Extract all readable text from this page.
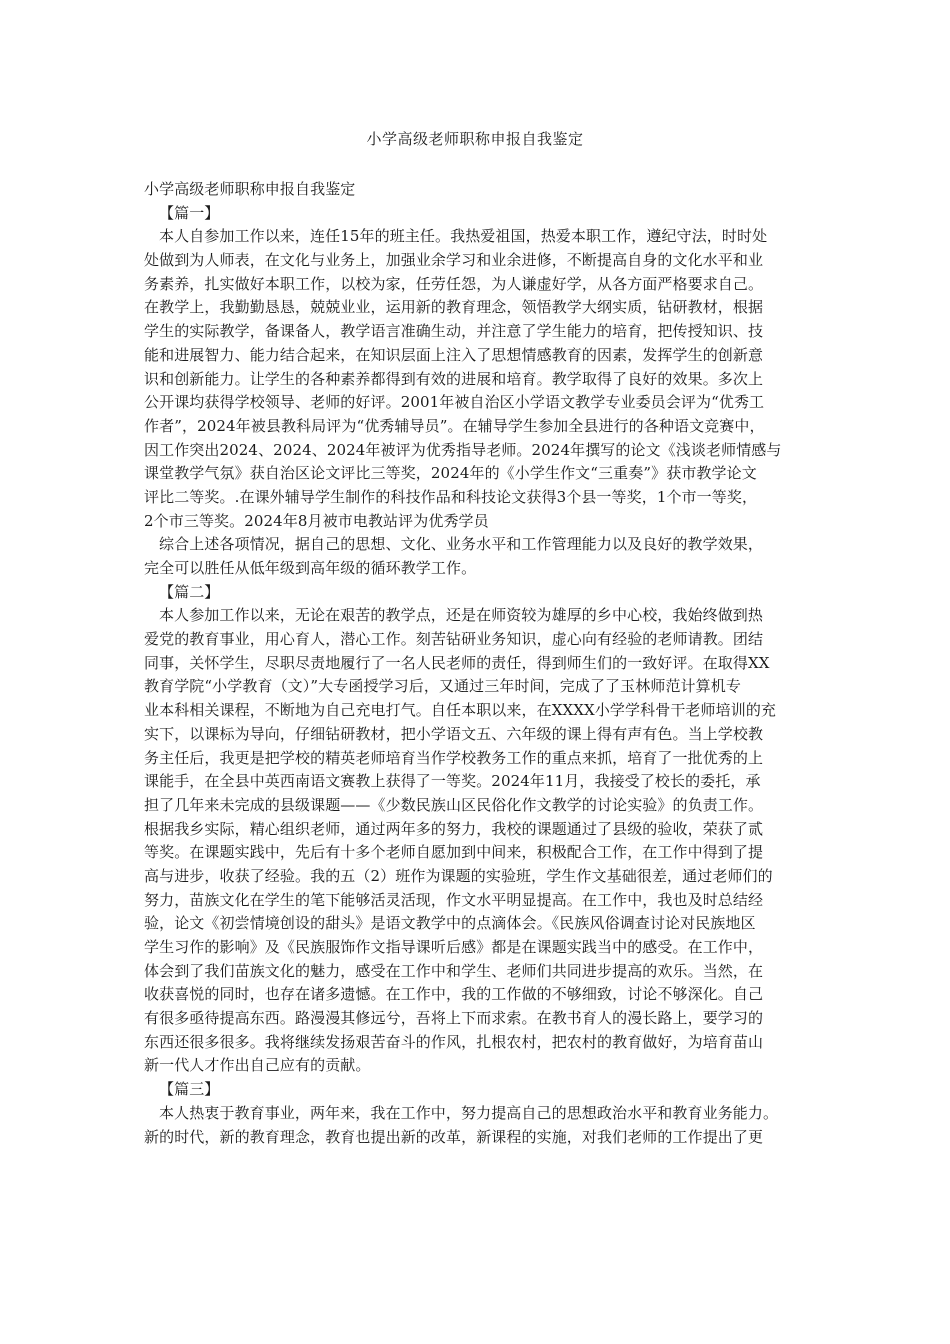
小学高级老师职称申报自我鉴定
小学高级老师职称申报自我鉴定
【篇一】
本人自参加工作以来，连任15年的班主任。我热爱祖国，热爱本职工作，遵纪守法，时时处
处做到为人师表，在文化与业务上，加强业余学习和业余进修，不断提高自身的文化水平和业
务素养，扎实做好本职工作，以校为家，任劳任怨，为人谦虚好学，从各方面严格要求自己。
在教学上，我勤勤恳恳，兢兢业业，运用新的教育理念，领悟教学大纲实质，钻研教材，根据
学生的实际教学，备课备人，教学语言准确生动，并注意了学生能力的培育，把传授知识、技
能和进展智力、能力结合起来，在知识层面上注入了思想情感教育的因素，发挥学生的创新意
识和创新能力。让学生的各种素养都得到有效的进展和培育。教学取得了良好的效果。多次上
公开课均获得学校领导、老师的好评。2001年被自治区小学语文教学专业委员会评为“优秀工
作者”，2024年被县教科局评为“优秀辅导员”。在辅导学生参加全县进行的各种语文竞赛中，
因工作突出2024、2024、2024年被评为优秀指导老师。2024年撰写的论文《浅谈老师情感与
课堂教学气氛》获自治区论文评比三等奖，2024年的《小学生作文“三重奏”》获市教学论文
评比二等奖。.在课外辅导学生制作的科技作品和科技论文获得3个县一等奖，1个市一等奖，
2个市三等奖。2024年8月被市电教站评为优秀学员
综合上述各项情况，据自己的思想、文化、业务水平和工作管理能力以及良好的教学效果，
完全可以胜任从低年级到高年级的循环教学工作。
【篇二】
本人参加工作以来，无论在艰苦的教学点，还是在师资较为雄厚的乡中心校，我始终做到热
爱党的教育事业，用心育人，潜心工作。刻苦钻研业务知识，虚心向有经验的老师请教。团结
同事，关怀学生，尽职尽责地履行了一名人民老师的责任，得到师生们的一致好评。在取得XX
教育学院“小学教育（文）”大专函授学习后，又通过三年时间，完成了了玉林师范计算机专
业本科相关课程，不断地为自己充电打气。自任本职以来，在XXXX小学学科骨干老师培训的充
实下，以课标为导向，仔细钻研教材，把小学语文五、六年级的课上得有声有色。当上学校教
务主任后，我更是把学校的精英老师培育当作学校教务工作的重点来抓，培育了一批优秀的上
课能手，在全县中英西南语文赛教上获得了一等奖。2024年11月，我接受了校长的委托，承
担了几年来未完成的县级课题——《少数民族山区民俗化作文教学的讨论实验》的负责工作。
根据我乡实际，精心组织老师，通过两年多的努力，我校的课题通过了县级的验收，荣获了贰
等奖。在课题实践中，先后有十多个老师自愿加到中间来，积极配合工作，在工作中得到了提
高与进步，收获了经验。我的五（2）班作为课题的实验班，学生作文基础很差，通过老师们的
努力，苗族文化在学生的笔下能够活灵活现，作文水平明显提高。在工作中，我也及时总结经
验，论文《初尝情境创设的甜头》是语文教学中的点滴体会。《民族风俗调查讨论对民族地区
学生习作的影响》及《民族服饰作文指导课听后感》都是在课题实践当中的感受。在工作中，
体会到了我们苗族文化的魅力，感受在工作中和学生、老师们共同进步提高的欢乐。当然，在
收获喜悦的同时，也存在诸多遗憾。在工作中，我的工作做的不够细致，讨论不够深化。自己
有很多亟待提高东西。路漫漫其修远兮，吾将上下而求索。在教书育人的漫长路上，要学习的
东西还很多很多。我将继续发扬艰苦奋斗的作风，扎根农村，把农村的教育做好，为培育苗山
新一代人才作出自己应有的贡献。
【篇三】
本人热衷于教育事业，两年来，我在工作中，努力提高自己的思想政治水平和教育业务能力。
新的时代，新的教育理念，教育也提出新的改革，新课程的实施，对我们老师的工作提出了更
